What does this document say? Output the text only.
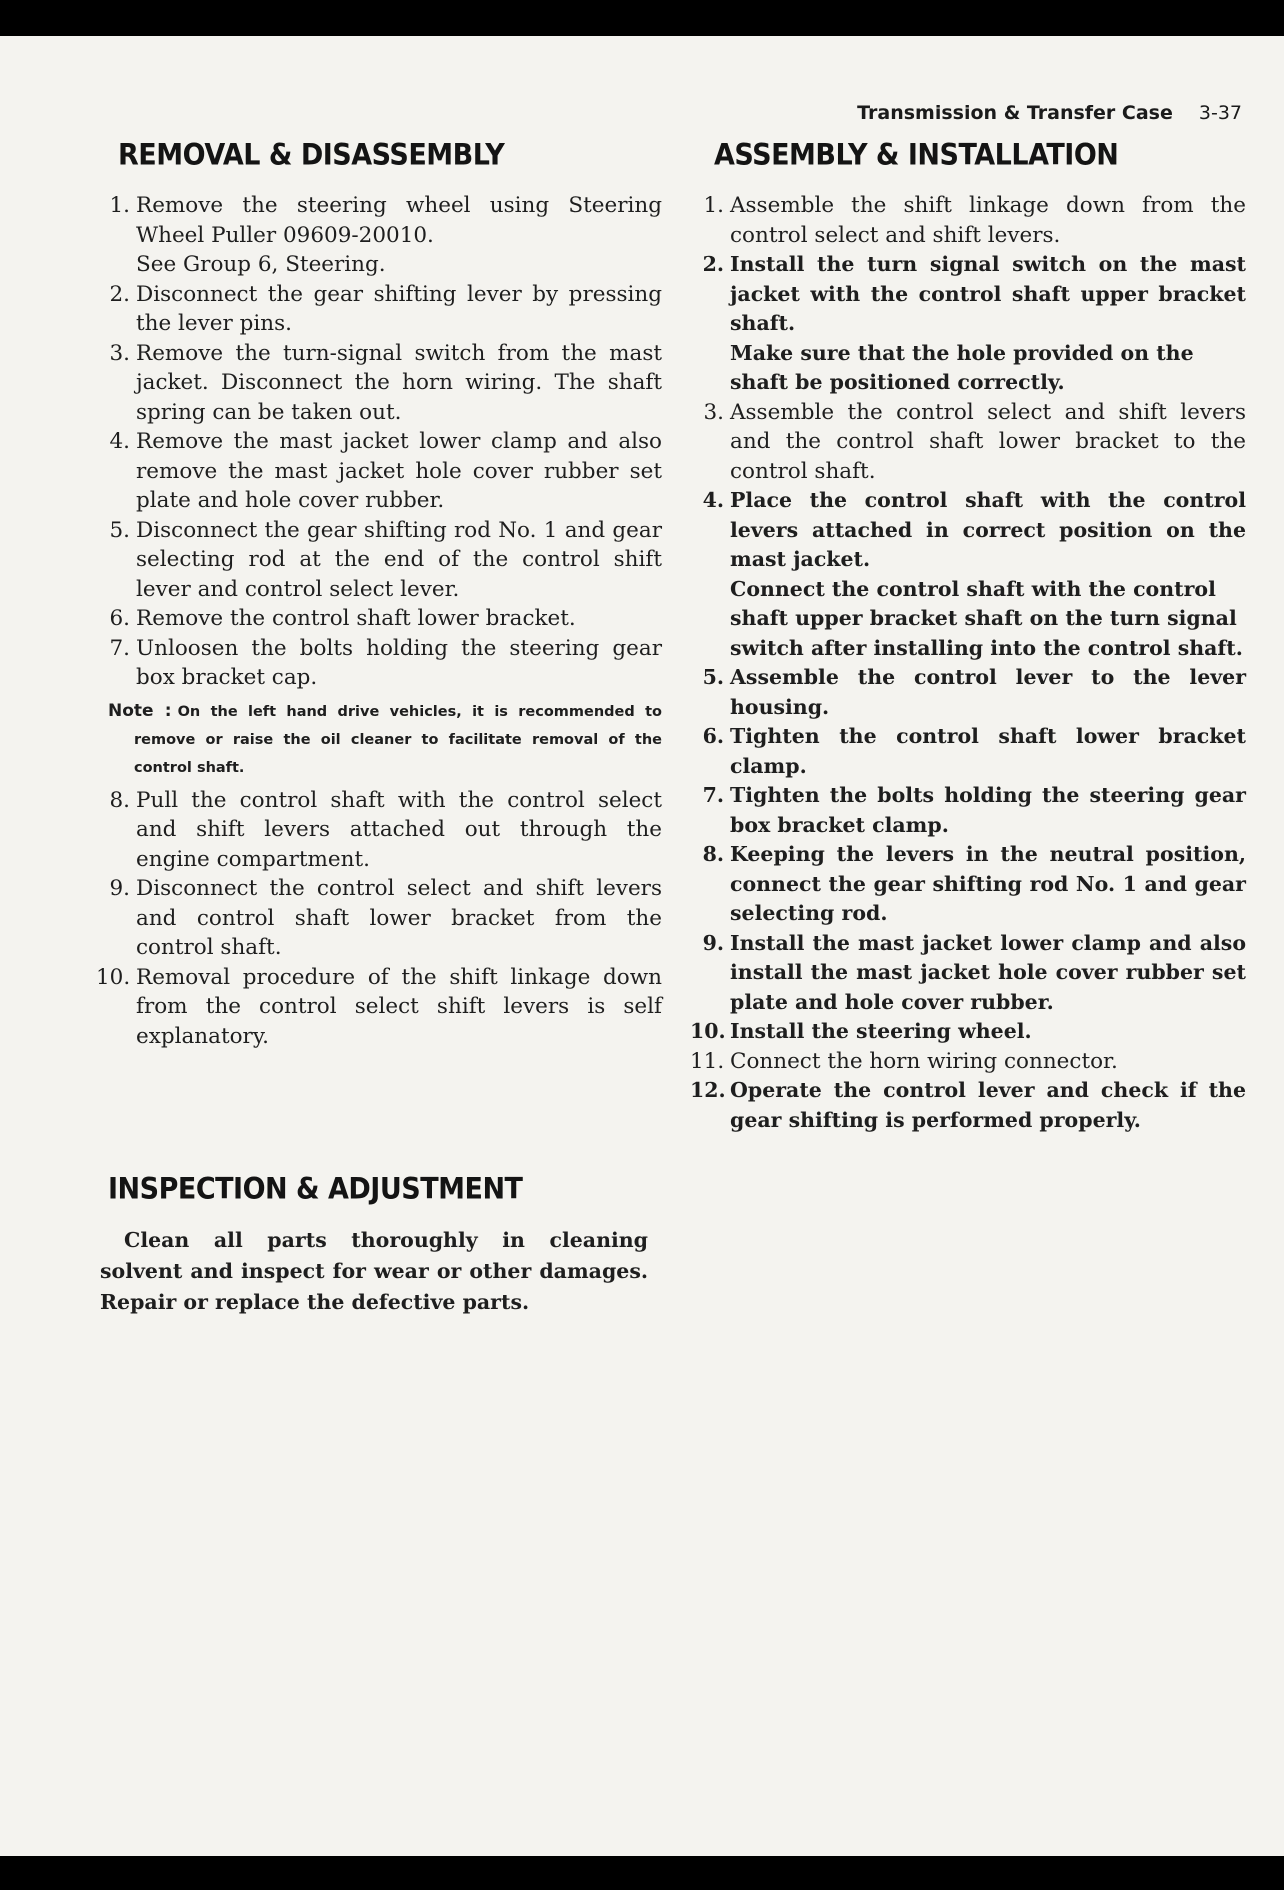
Transmission & Transfer Case 3-37
REMOVAL & DISASSEMBLY
1. Remove the steering wheel using Steering Wheel Puller 09609-20010.
See Group 6, Steering.
2. Disconnect the gear shifting lever by pressing the lever pins.
3. Remove the turn-signal switch from the mast jacket. Disconnect the horn wiring. The shaft spring can be taken out.
4. Remove the mast jacket lower clamp and also remove the mast jacket hole cover rubber set plate and hole cover rubber.
5. Disconnect the gear shifting rod No. 1 and gear selecting rod at the end of the control shift lever and control select lever.
6. Remove the control shaft lower bracket.
7. Unloosen the bolts holding the steering gear box bracket cap.
Note : On the left hand drive vehicles, it is recommended to remove or raise the oil cleaner to facilitate removal of the control shaft.
8. Pull the control shaft with the control select and shift levers attached out through the engine compartment.
9. Disconnect the control select and shift levers and control shaft lower bracket from the control shaft.
10. Removal procedure of the shift linkage down from the control select shift levers is self explanatory.
INSPECTION & ADJUSTMENT

Clean all parts thoroughly in cleaning solvent and inspect for wear or other damages. Repair or replace the defective parts.

ASSEMBLY & INSTALLATION
1. Assemble the shift linkage down from the control select and shift levers.
2. Install the turn signal switch on the mast jacket with the control shaft upper bracket shaft.
Make sure that the hole provided on the shaft be positioned correctly.
3. Assemble the control select and shift levers and the control shaft lower bracket to the control shaft.
4. Place the control shaft with the control levers attached in correct position on the mast jacket.
Connect the control shaft with the control shaft upper bracket shaft on the turn signal switch after installing into the control shaft.
5. Assemble the control lever to the lever housing.
6. Tighten the control shaft lower bracket clamp.
7. Tighten the bolts holding the steering gear box bracket clamp.
8. Keeping the levers in the neutral position, connect the gear shifting rod No. 1 and gear selecting rod.
9. Install the mast jacket lower clamp and also install the mast jacket hole cover rubber set plate and hole cover rubber.
10. Install the steering wheel.
11. Connect the horn wiring connector.
12. Operate the control lever and check if the gear shifting is performed properly.
